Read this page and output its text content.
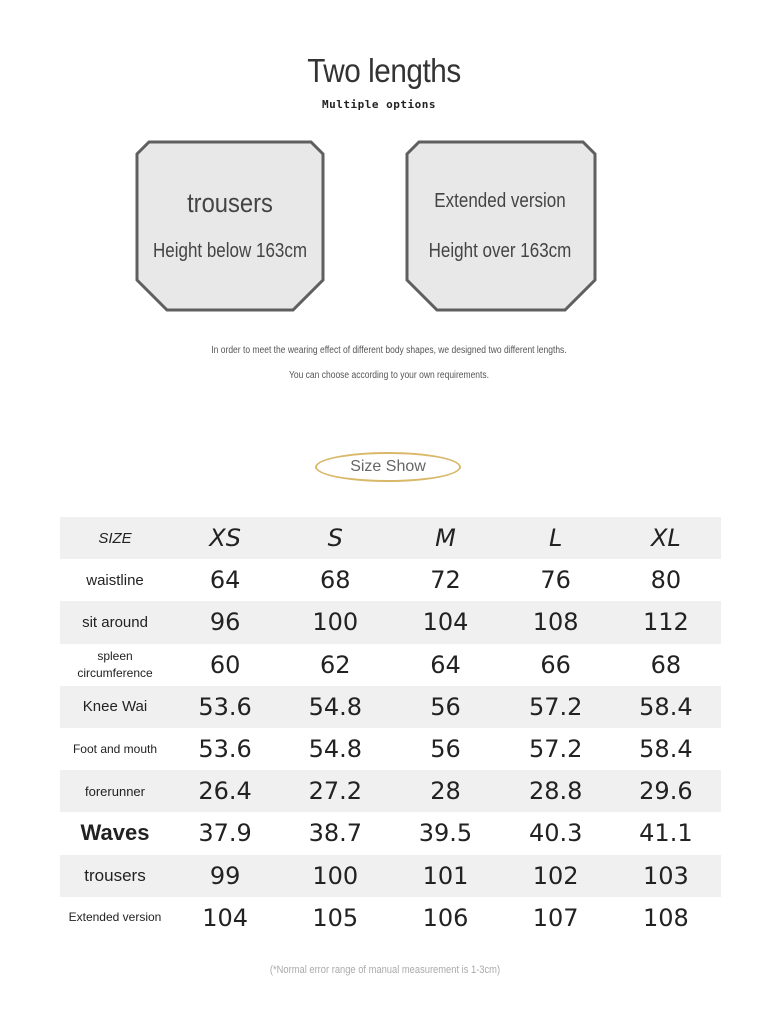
Two lengths
Multiple options
trousers
Height below 163cm
Extended version
Height over 163cm
In order to meet the wearing effect of different body shapes, we designed two different lengths.
You can choose according to your own requirements.
Size Show
SIZE	XS	S	M	L	XL
waistline	64	68	72	76	80
sit around	96	100	104	108	112
spleen circumference	60	62	64	66	68
Knee Wai	53.6	54.8	56	57.2	58.4
Foot and mouth	53.6	54.8	56	57.2	58.4
forerunner	26.4	27.2	28	28.8	29.6
Waves	37.9	38.7	39.5	40.3	41.1
trousers	99	100	101	102	103
Extended version	104	105	106	107	108
(*Normal error range of manual measurement is 1-3cm)
